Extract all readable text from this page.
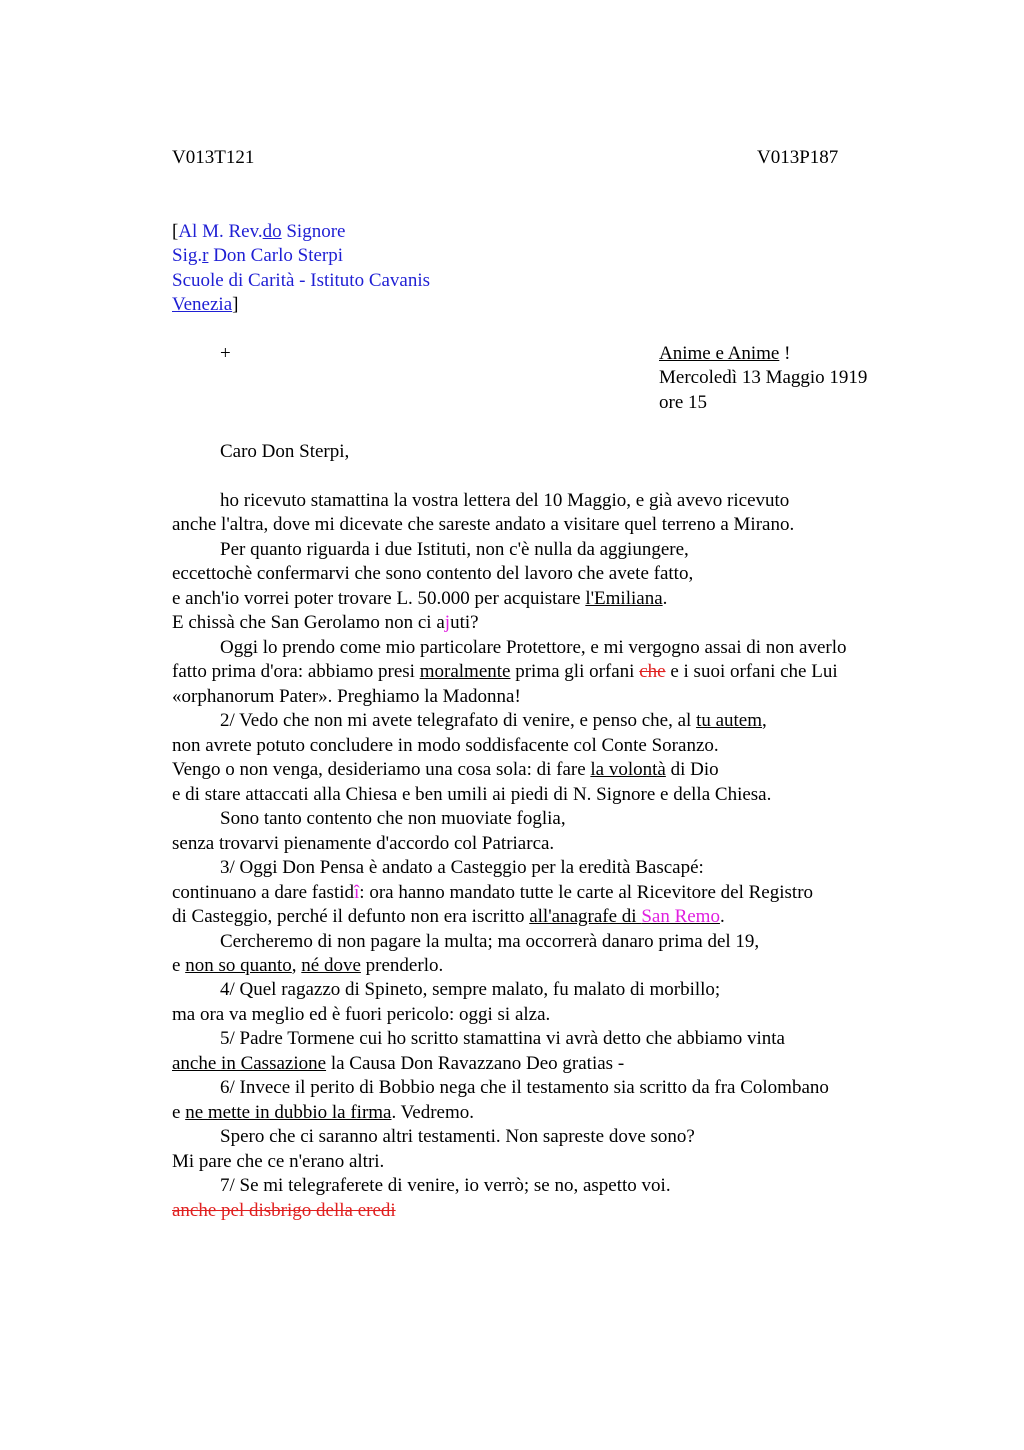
V013T121	V013P187
[Al M. Rev.do Signore
Sig.r Don Carlo Sterpi
Scuole di Carità - Istituto Cavanis
Venezia]
+	Anime e Anime !
Mercoledì 13 Maggio 1919
ore 15
Caro Don Sterpi,
ho ricevuto stamattina la vostra lettera del 10 Maggio, e già avevo ricevuto
anche l'altra, dove mi dicevate che sareste andato a visitare quel terreno a Mirano.
Per quanto riguarda i due Istituti, non c'è nulla da aggiungere,
eccettochè confermarvi che sono contento del lavoro che avete fatto,
e anch'io vorrei poter trovare L. 50.000 per acquistare l'Emiliana.
E chissà che San Gerolamo non ci ajuti?
Oggi lo prendo come mio particolare Protettore, e mi vergogno assai di non averlo
fatto prima d'ora: abbiamo presi moralmente prima gli orfani che e i suoi orfani che Lui
«orphanorum Pater». Preghiamo la Madonna!
2/ Vedo che non mi avete telegrafato di venire, e penso che, al tu autem,
non avrete potuto concludere in modo soddisfacente col Conte Soranzo.
Vengo o non venga, desideriamo una cosa sola: di fare la volontà di Dio
e di stare attaccati alla Chiesa e ben umili ai piedi di N. Signore e della Chiesa.
Sono tanto contento che non muoviate foglia,
senza trovarvi pienamente d'accordo col Patriarca.
3/ Oggi Don Pensa è andato a Casteggio per la eredità Bascapé:
continuano a dare fastidî: ora hanno mandato tutte le carte al Ricevitore del Registro
di Casteggio, perché il defunto non era iscritto all'anagrafe di San Remo.
Cercheremo di non pagare la multa; ma occorrerà danaro prima del 19,
e non so quanto, né dove prenderlo.
4/ Quel ragazzo di Spineto, sempre malato, fu malato di morbillo;
ma ora va meglio ed è fuori pericolo: oggi si alza.
5/ Padre Tormene cui ho scritto stamattina vi avrà detto che abbiamo vinta
anche in Cassazione la Causa Don Ravazzano Deo gratias -
6/ Invece il perito di Bobbio nega che il testamento sia scritto da fra Colombano
e ne mette in dubbio la firma. Vedremo.
Spero che ci saranno altri testamenti. Non sapreste dove sono?
Mi pare che ce n'erano altri.
7/ Se mi telegraferete di venire, io verrò; se no, aspetto voi.
anche pel disbrigo della eredi
